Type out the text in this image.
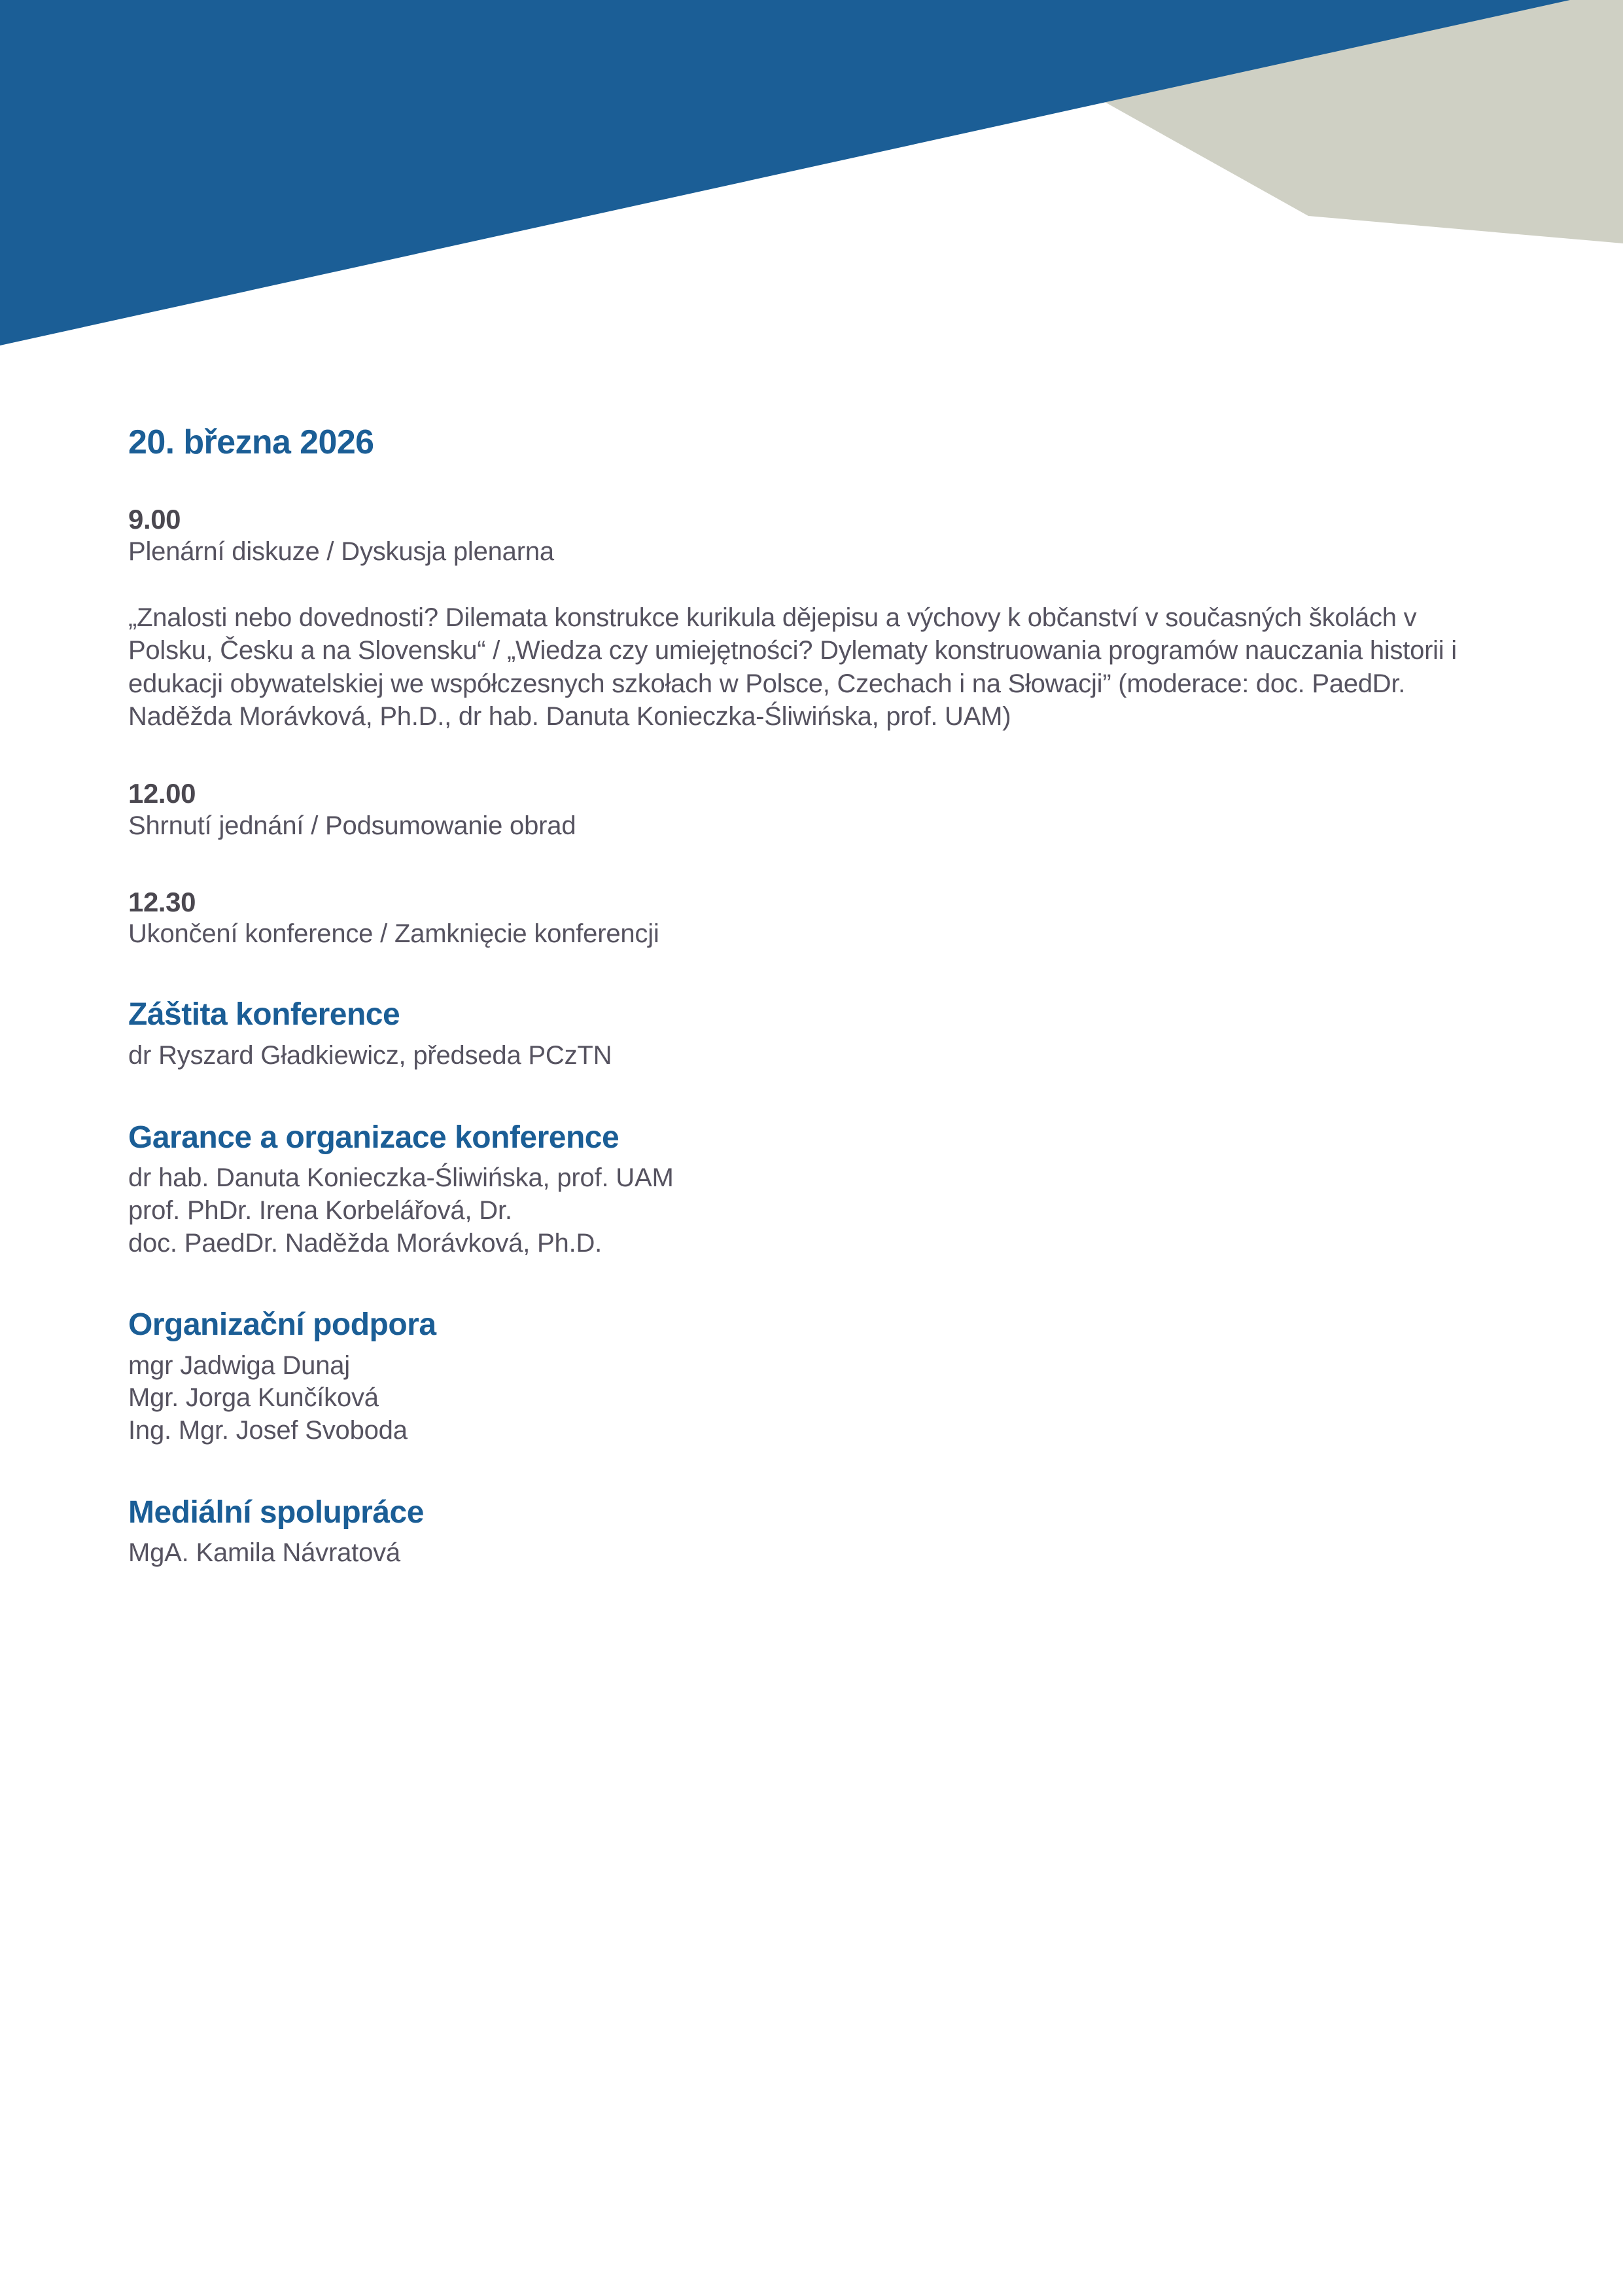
20. března 2026
9.00
Plenární diskuze / Dyskusja plenarna

„Znalosti nebo dovednosti? Dilemata konstrukce kurikula dějepisu a výchovy k občanství v současných školách v Polsku, Česku a na Slovensku“ / „Wiedza czy umiejętności? Dylematy konstruowania programów nauczania historii i edukacji obywatelskiej we współczesnych szkołach w Polsce, Czechach i na Słowacji” (moderace: doc. PaedDr. Naděžda Morávková, Ph.D., dr hab. Danuta Konieczka-Śliwińska, prof. UAM)

12.00
Shrnutí jednání / Podsumowanie obrad
12.30
Ukončení konference / Zamknięcie konferencji
Záštita konference
dr Ryszard Gładkiewicz, předseda PCzTN
Garance a organizace konference
dr hab. Danuta Konieczka-Śliwińska, prof. UAM
prof. PhDr. Irena Korbelářová, Dr.
doc. PaedDr. Naděžda Morávková, Ph.D.
Organizační podpora
mgr Jadwiga Dunaj
Mgr. Jorga Kunčíková
Ing. Mgr. Josef Svoboda
Mediální spolupráce
MgA. Kamila Návratová
